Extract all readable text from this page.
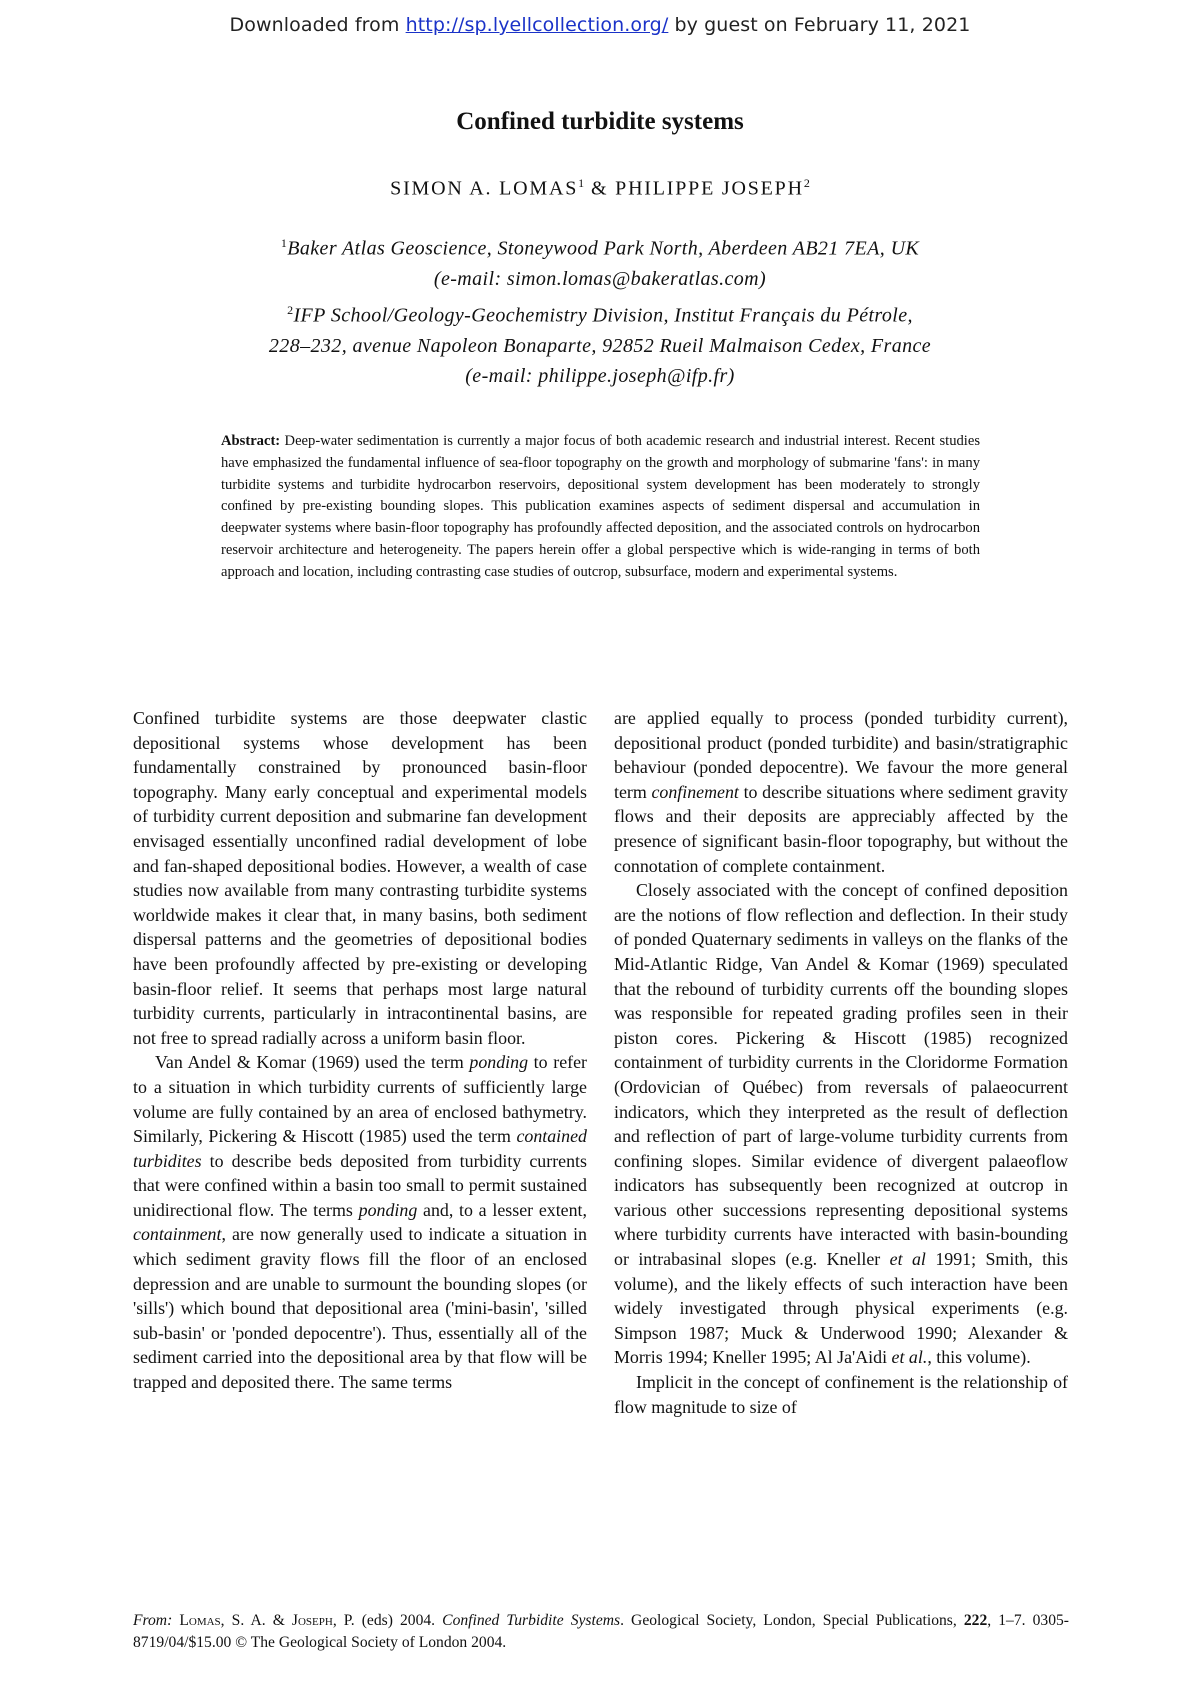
Downloaded from http://sp.lyellcollection.org/ by guest on February 11, 2021
Confined turbidite systems
SIMON A. LOMAS$^1$ & PHILIPPE JOSEPH$^2$
$^1$Baker Atlas Geoscience, Stoneywood Park North, Aberdeen AB21 7EA, UK
(e-mail: simon.lomas@bakeratlas.com)
$^2$IFP School/Geology-Geochemistry Division, Institut Français du Pétrole,
228–232, avenue Napoleon Bonaparte, 92852 Rueil Malmaison Cedex, France
(e-mail: philippe.joseph@ifp.fr)
Abstract: Deep-water sedimentation is currently a major focus of both academic research and industrial interest. Recent studies have emphasized the fundamental influence of sea-floor topography on the growth and morphology of submarine 'fans': in many turbidite systems and turbidite hydrocarbon reservoirs, depositional system development has been moderately to strongly confined by pre-existing bounding slopes. This publication examines aspects of sediment dispersal and accumulation in deepwater systems where basin-floor topography has profoundly affected deposition, and the associated controls on hydrocarbon reservoir architecture and heterogeneity. The papers herein offer a global perspective which is wide-ranging in terms of both approach and location, including contrasting case studies of outcrop, subsurface, modern and experimental systems.

Confined turbidite systems are those deepwater clastic depositional systems whose development has been fundamentally constrained by pronounced basin-floor topography. Many early conceptual and experimental models of turbidity current deposition and submarine fan development envisaged essentially unconfined radial development of lobe and fan-shaped depositional bodies. However, a wealth of case studies now available from many contrasting turbidite systems worldwide makes it clear that, in many basins, both sediment dispersal patterns and the geometries of depositional bodies have been profoundly affected by pre-existing or developing basin-floor relief. It seems that perhaps most large natural turbidity currents, particularly in intracontinental basins, are not free to spread radially across a uniform basin floor.

Van Andel & Komar (1969) used the term ponding to refer to a situation in which turbidity currents of sufficiently large volume are fully contained by an area of enclosed bathymetry. Similarly, Pickering & Hiscott (1985) used the term contained turbidites to describe beds deposited from turbidity currents that were confined within a basin too small to permit sustained unidirectional flow. The terms ponding and, to a lesser extent, containment, are now generally used to indicate a situation in which sediment gravity flows fill the floor of an enclosed depression and are unable to surmount the bounding slopes (or 'sills') which bound that depositional area ('mini-basin', 'silled sub-basin' or 'ponded depocentre'). Thus, essentially all of the sediment carried into the depositional area by that flow will be trapped and deposited there. The same terms

are applied equally to process (ponded turbidity current), depositional product (ponded turbidite) and basin/stratigraphic behaviour (ponded depocentre). We favour the more general term confinement to describe situations where sediment gravity flows and their deposits are appreciably affected by the presence of significant basin-floor topography, but without the connotation of complete containment.

Closely associated with the concept of confined deposition are the notions of flow reflection and deflection. In their study of ponded Quaternary sediments in valleys on the flanks of the Mid-Atlantic Ridge, Van Andel & Komar (1969) speculated that the rebound of turbidity currents off the bounding slopes was responsible for repeated grading profiles seen in their piston cores. Pickering & Hiscott (1985) recognized containment of turbidity currents in the Cloridorme Formation (Ordovician of Québec) from reversals of palaeocurrent indicators, which they interpreted as the result of deflection and reflection of part of large-volume turbidity currents from confining slopes. Similar evidence of divergent palaeoflow indicators has subsequently been recognized at outcrop in various other successions representing depositional systems where turbidity currents have interacted with basin-bounding or intrabasinal slopes (e.g. Kneller et al 1991; Smith, this volume), and the likely effects of such interaction have been widely investigated through physical experiments (e.g. Simpson 1987; Muck & Underwood 1990; Alexander & Morris 1994; Kneller 1995; Al Ja'Aidi et al., this volume).

Implicit in the concept of confinement is the relationship of flow magnitude to size of

From: Lomas, S. A. & Joseph, P. (eds) 2004. Confined Turbidite Systems. Geological Society, London, Special Publications, 222, 1–7. 0305-8719/04/$15.00 © The Geological Society of London 2004.
